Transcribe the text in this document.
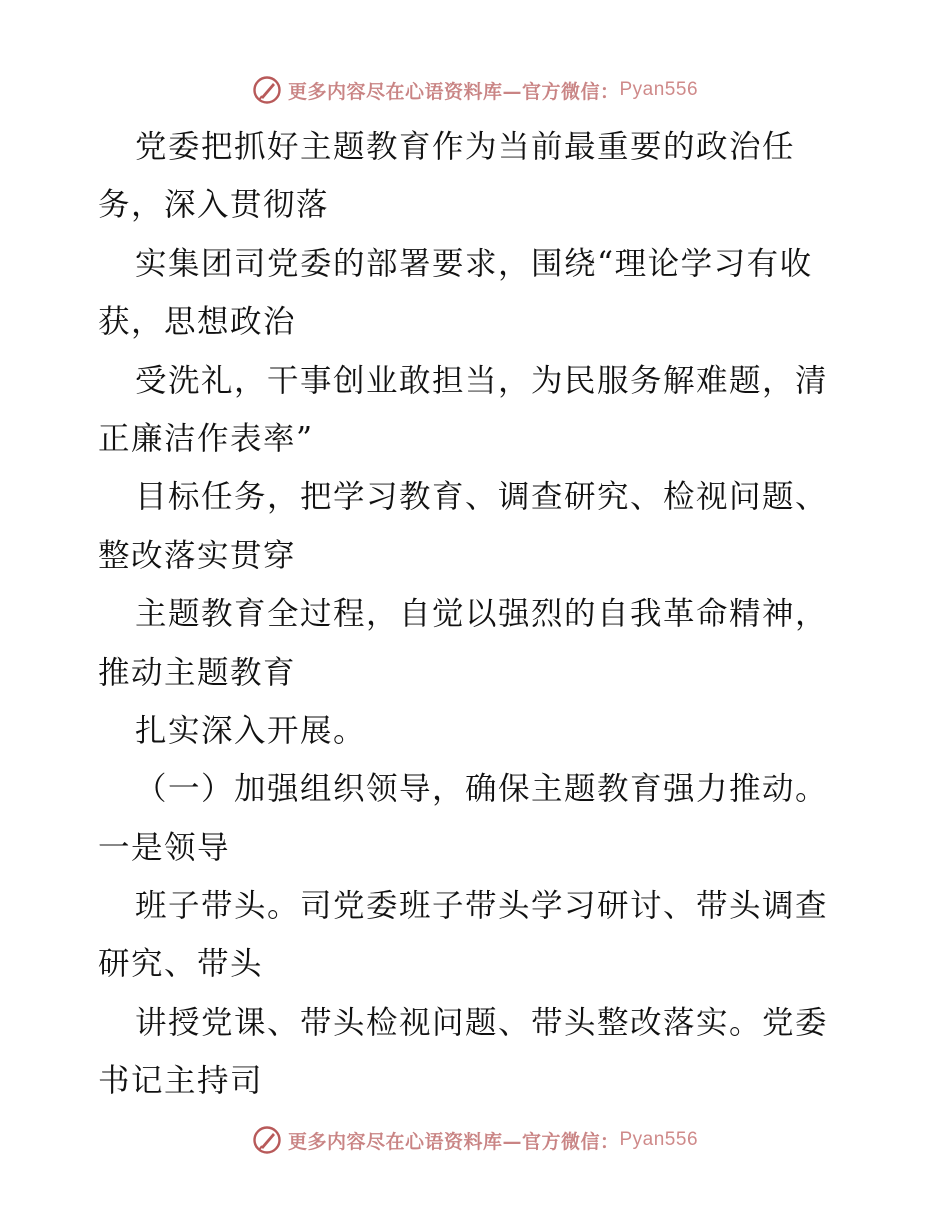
更多内容尽在心语资料库—官方微信： Pyan556
党委把抓好主题教育作为当前最重要的政治任
务，深入贯彻落
实集团司党委的部署要求，围绕“理论学习有收
获，思想政治
受洗礼，干事创业敢担当，为民服务解难题，清
正廉洁作表率”
目标任务，把学习教育、调查研究、检视问题、
整改落实贯穿
主题教育全过程，自觉以强烈的自我革命精神，
推动主题教育
扎实深入开展。
（一）加强组织领导，确保主题教育强力推动。
一是领导
班子带头。司党委班子带头学习研讨、带头调查
研究、带头
讲授党课、带头检视问题、带头整改落实。党委
书记主持司
更多内容尽在心语资料库—官方微信： Pyan556
